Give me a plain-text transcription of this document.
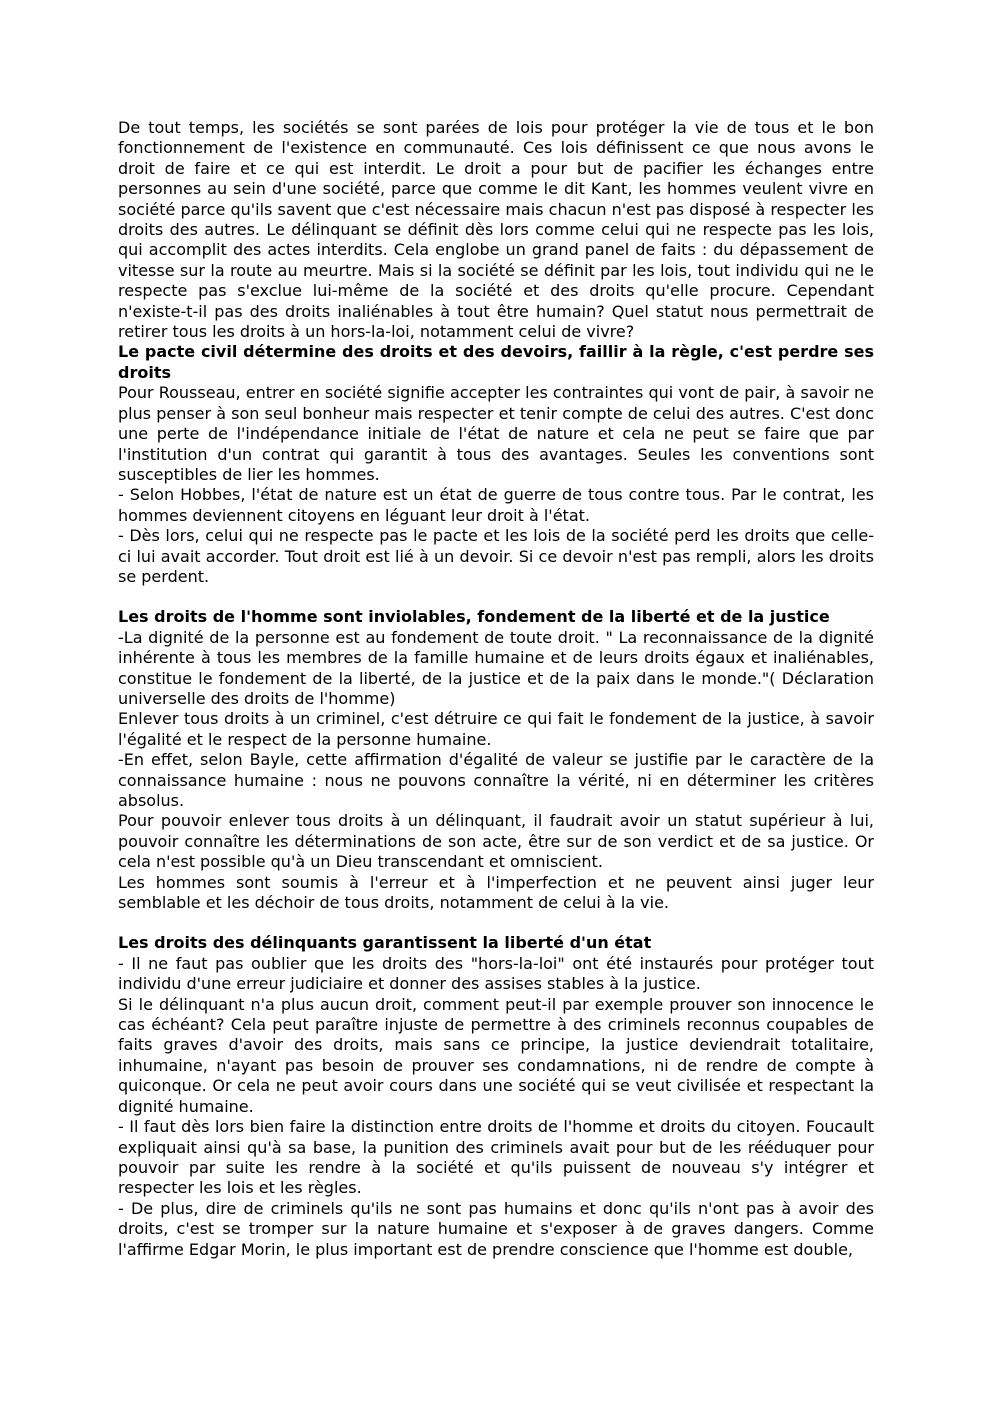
De tout temps, les sociétés se sont parées de lois pour protéger la vie de tous et le bon fonctionnement de l'existence en communauté. Ces lois définissent ce que nous avons le droit de faire et ce qui est interdit. Le droit a pour but de pacifier les échanges entre personnes au sein d'une société, parce que comme le dit Kant, les hommes veulent vivre en société parce qu'ils savent que c'est nécessaire mais chacun n'est pas disposé à respecter les droits des autres. Le délinquant se définit dès lors comme celui qui ne respecte pas les lois, qui accomplit des actes interdits. Cela englobe un grand panel de faits : du dépassement de vitesse sur la route au meurtre. Mais si la société se définit par les lois, tout individu qui ne le respecte pas s'exclue lui-même de la société et des droits qu'elle procure. Cependant n'existe-t-il pas des droits inaliénables à tout être humain? Quel statut nous permettrait de retirer tous les droits à un hors-la-loi, notamment celui de vivre?

Le pacte civil détermine des droits et des devoirs, faillir à la règle, c'est perdre ses droits

Pour Rousseau, entrer en société signifie accepter les contraintes qui vont de pair, à savoir ne plus penser à son seul bonheur mais respecter et tenir compte de celui des autres. C'est donc une perte de l'indépendance initiale de l'état de nature et cela ne peut se faire que par l'institution d'un contrat qui garantit à tous des avantages. Seules les conventions sont susceptibles de lier les hommes.

- Selon Hobbes, l'état de nature est un état de guerre de tous contre tous. Par le contrat, les hommes deviennent citoyens en léguant leur droit à l'état.

- Dès lors, celui qui ne respecte pas le pacte et les lois de la société perd les droits que celle-ci lui avait accorder. Tout droit est lié à un devoir. Si ce devoir n'est pas rempli, alors les droits se perdent.

Les droits de l'homme sont inviolables, fondement de la liberté et de la justice

-La dignité de la personne est au fondement de toute droit. " La reconnaissance de la dignité inhérente à tous les membres de la famille humaine et de leurs droits égaux et inaliénables, constitue le fondement de la liberté, de la justice et de la paix dans le monde."( Déclaration universelle des droits de l'homme)

Enlever tous droits à un criminel, c'est détruire ce qui fait le fondement de la justice, à savoir l'égalité et le respect de la personne humaine.

-En effet, selon Bayle, cette affirmation d'égalité de valeur se justifie par le caractère de la connaissance humaine : nous ne pouvons connaître la vérité, ni en déterminer les critères absolus.

Pour pouvoir enlever tous droits à un délinquant, il faudrait avoir un statut supérieur à lui, pouvoir connaître les déterminations de son acte, être sur de son verdict et de sa justice. Or cela n'est possible qu'à un Dieu transcendant et omniscient.

Les hommes sont soumis à l'erreur et à l'imperfection et ne peuvent ainsi juger leur semblable et les déchoir de tous droits, notamment de celui à la vie.

Les droits des délinquants garantissent la liberté d'un état

- Il ne faut pas oublier que les droits des "hors-la-loi" ont été instaurés pour protéger tout individu d'une erreur judiciaire et donner des assises stables à la justice.

Si le délinquant n'a plus aucun droit, comment peut-il par exemple prouver son innocence le cas échéant? Cela peut paraître injuste de permettre à des criminels reconnus coupables de faits graves d'avoir des droits, mais sans ce principe, la justice deviendrait totalitaire, inhumaine, n'ayant pas besoin de prouver ses condamnations, ni de rendre de compte à quiconque. Or cela ne peut avoir cours dans une société qui se veut civilisée et respectant la dignité humaine.

- Il faut dès lors bien faire la distinction entre droits de l'homme et droits du citoyen. Foucault expliquait ainsi qu'à sa base, la punition des criminels avait pour but de les rééduquer pour pouvoir par suite les rendre à la société et qu'ils puissent de nouveau s'y intégrer et respecter les lois et les règles.

- De plus, dire de criminels qu'ils ne sont pas humains et donc qu'ils n'ont pas à avoir des droits, c'est se tromper sur la nature humaine et s'exposer à de graves dangers. Comme l'affirme Edgar Morin, le plus important est de prendre conscience que l'homme est double,
